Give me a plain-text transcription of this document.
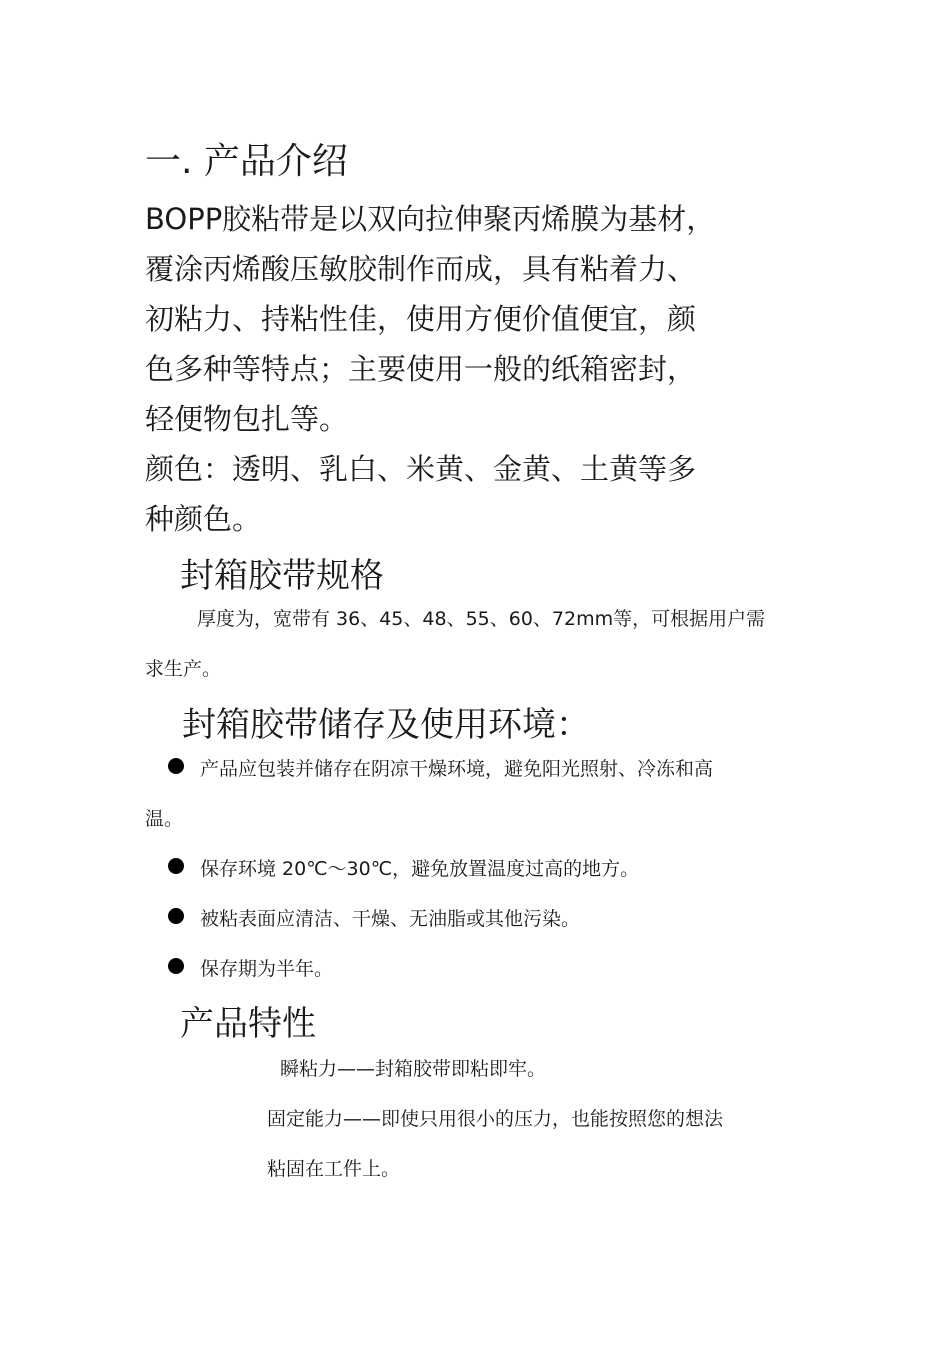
一. 产品介绍
BOPP胶粘带是以双向拉伸聚丙烯膜为基材，
覆涂丙烯酸压敏胶制作而成，具有粘着力、
初粘力、持粘性佳，使用方便价值便宜，颜
色多种等特点；主要使用一般的纸箱密封，
轻便物包扎等。
颜色：透明、乳白、米黄、金黄、土黄等多
种颜色。
封箱胶带规格
厚度为，宽带有 36、45、48、55、60、72mm等，可根据用户需
求生产。
封箱胶带储存及使用环境：
产品应包装并储存在阴凉干燥环境，避免阳光照射、冷冻和高
温。
保存环境 20℃～30℃，避免放置温度过高的地方。
被粘表面应清洁、干燥、无油脂或其他污染。
保存期为半年。
产品特性
瞬粘力——封箱胶带即粘即牢。
固定能力——即使只用很小的压力，也能按照您的想法
粘固在工件上。
